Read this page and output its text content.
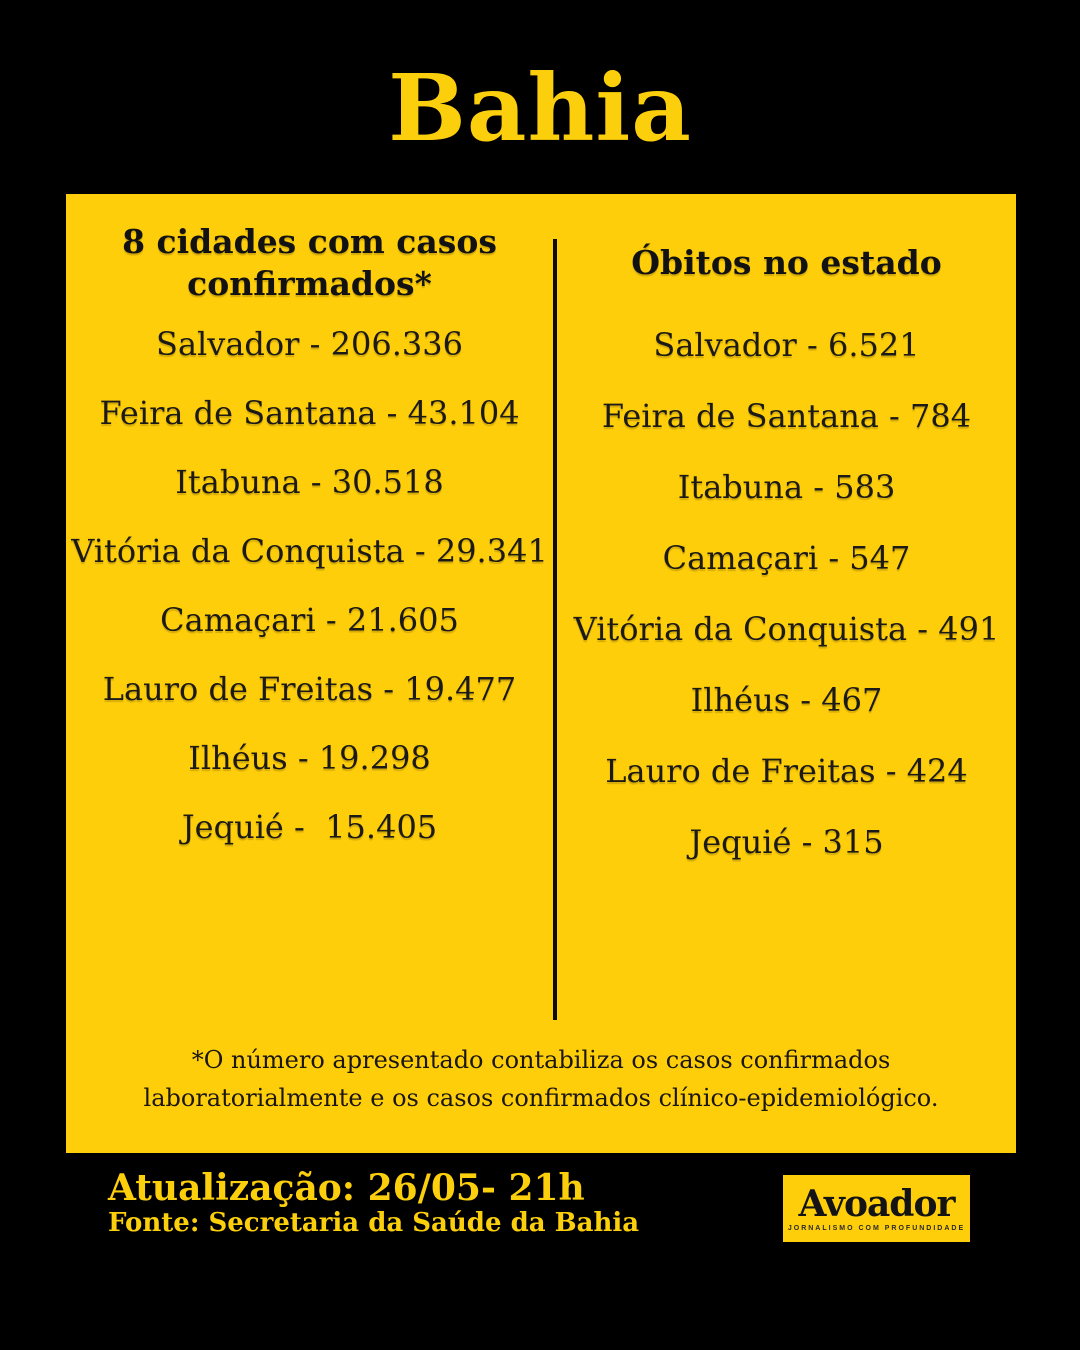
Bahia
8 cidades com casos
confirmados*
Salvador - 206.336
Feira de Santana - 43.104
Itabuna - 30.518
Vitória da Conquista - 29.341
Camaçari - 21.605
Lauro de Freitas - 19.477
Ilhéus - 19.298
Jequié -  15.405
Óbitos no estado
Salvador - 6.521
Feira de Santana - 784
Itabuna - 583
Camaçari - 547
Vitória da Conquista - 491
Ilhéus - 467
Lauro de Freitas - 424
Jequié - 315
*O número apresentado contabiliza os casos confirmados
laboratorialmente e os casos confirmados clínico-epidemiológico.
Atualização: 26/05- 21h
Fonte: Secretaria da Saúde da Bahia	Avoador
JORNALISMO COM PROFUNDIDADE
